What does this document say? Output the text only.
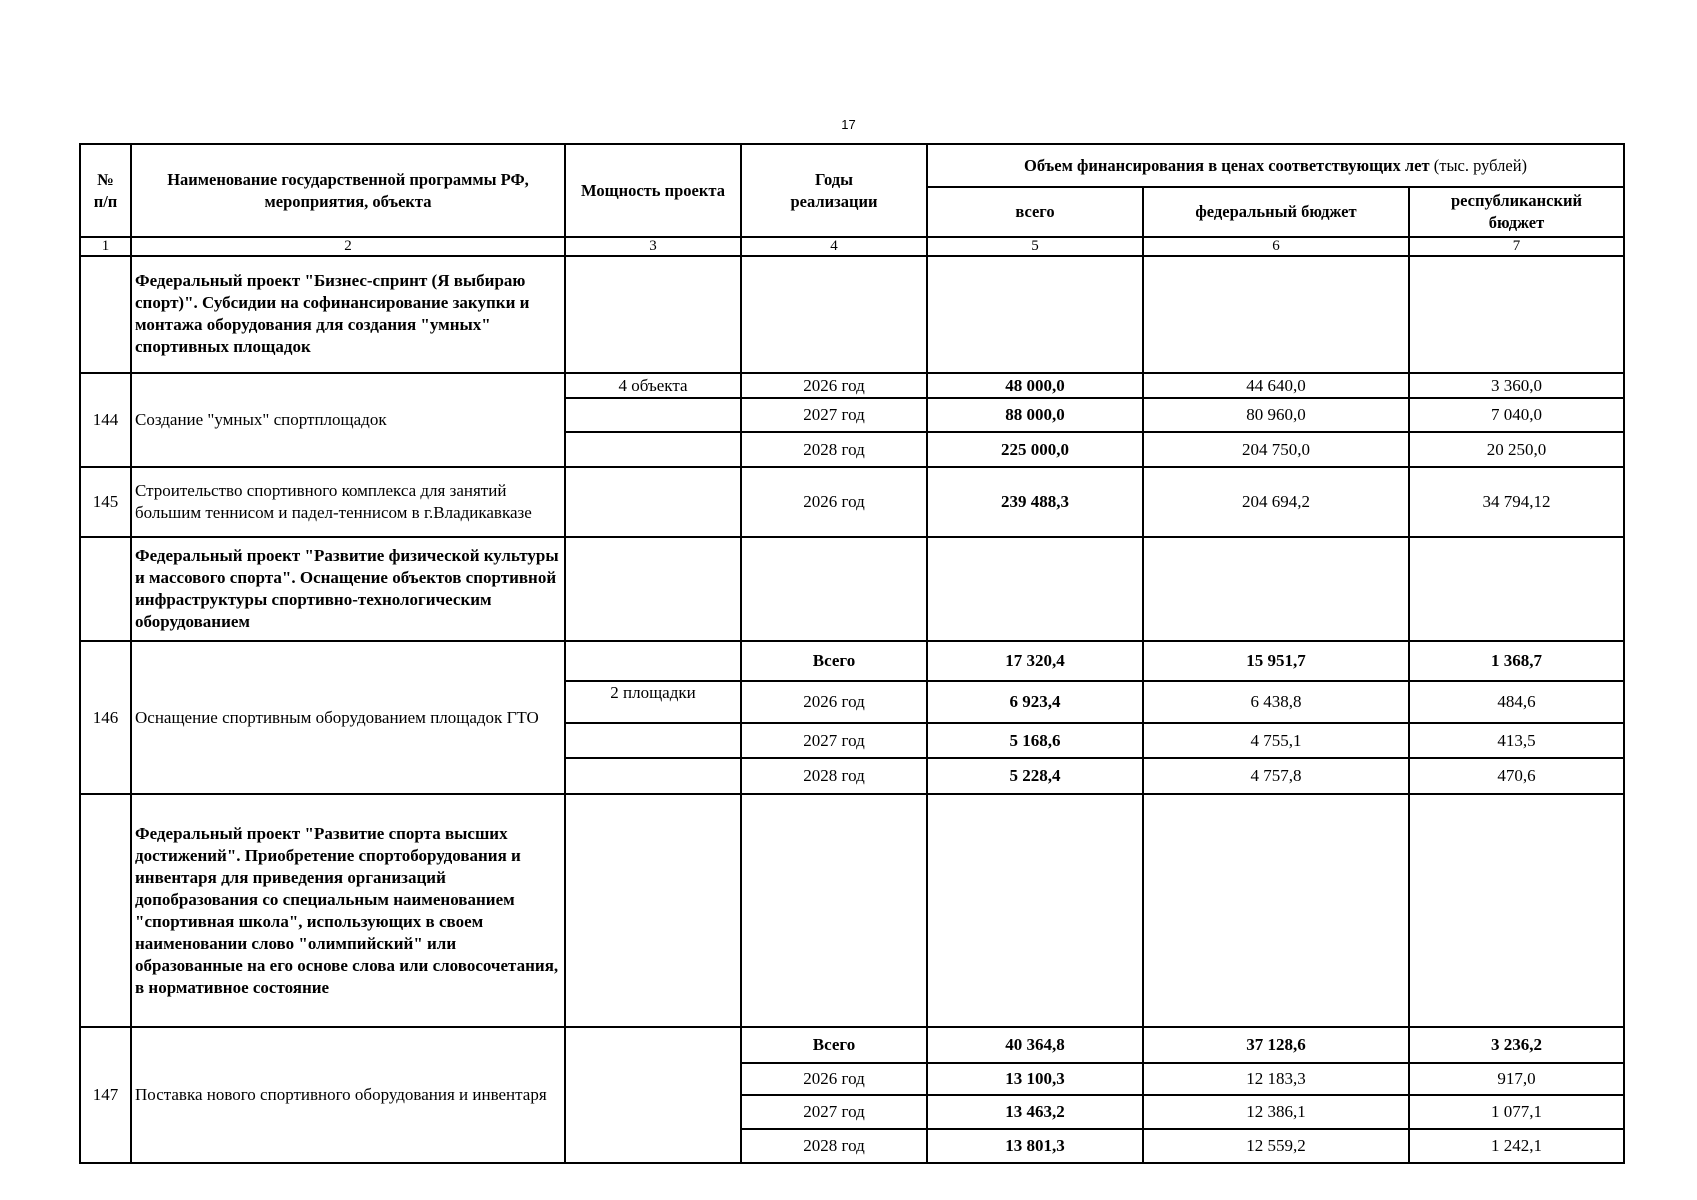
17
№
п/п	Наименование государственной программы РФ, мероприятия, объекта	Мощность проекта	Годы реализации	Объем финансирования в ценах соответствующих лет (тыс. рублей)		
				всего	федеральный бюджет	республиканский бюджет
1	2	3	4	5	6	7
	Федеральный проект "Бизнес-спринт (Я выбираю спорт)". Субсидии на софинансирование закупки и монтажа оборудования для создания "умных" спортивных площадок					
144	Создание "умных" спортплощадок	4 объекта	2026 год	48 000,0	44 640,0	3 360,0
			2027 год	88 000,0	80 960,0	7 040,0
			2028 год	225 000,0	204 750,0	20 250,0
145	Строительство спортивного комплекса для занятий большим теннисом и падел-теннисом в г.Владикавказе		2026 год	239 488,3	204 694,2	34 794,12
	Федеральный проект "Развитие физической культуры и массового спорта". Оснащение объектов спортивной инфраструктуры спортивно-технологическим оборудованием					
146	Оснащение спортивным оборудованием площадок ГТО		Всего	17 320,4	15 951,7	1 368,7
		2 площадки	2026 год	6 923,4	6 438,8	484,6
			2027 год	5 168,6	4 755,1	413,5
			2028 год	5 228,4	4 757,8	470,6
	Федеральный проект "Развитие спорта высших достижений". Приобретение спортоборудования и инвентаря для приведения организаций допобразования со специальным наименованием "спортивная школа", использующих в своем наименовании слово "олимпийский" или образованные на его основе слова или словосочетания, в нормативное состояние					
147	Поставка нового спортивного оборудования и инвентаря		Всего	40 364,8	37 128,6	3 236,2
			2026 год	13 100,3	12 183,3	917,0
			2027 год	13 463,2	12 386,1	1 077,1
			2028 год	13 801,3	12 559,2	1 242,1
